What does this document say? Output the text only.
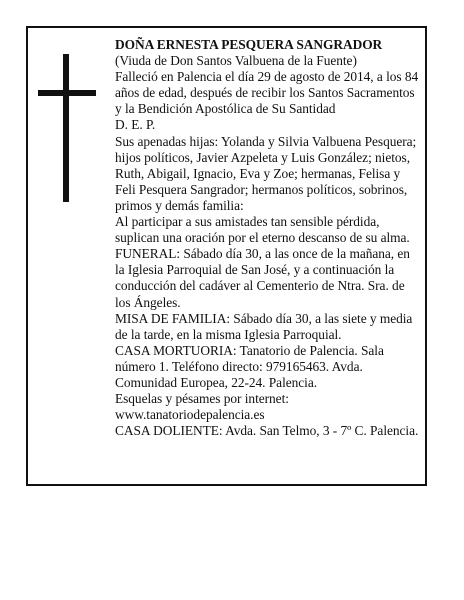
DOÑA ERNESTA PESQUERA SANGRADOR

(Viuda de Don Santos Valbuena de la Fuente)

Falleció en Palencia el día 29 de agosto de 2014, a los 84 años de edad, después de recibir los Santos Sacramentos y la Bendición Apostólica de Su Santidad

D. E. P.

Sus apenadas hijas: Yolanda y Silvia Valbuena Pesquera; hijos políticos, Javier Azpeleta y Luis González; nietos, Ruth, Abigail, Ignacio, Eva y Zoe; hermanas, Felisa y Feli Pesquera Sangrador; hermanos políticos, sobrinos, primos y demás familia:

Al participar a sus amistades tan sensible pérdida, suplican una oración por el eterno descanso de su alma.

FUNERAL: Sábado día 30, a las once de la mañana, en la Iglesia Parroquial de San José, y a continuación la conducción del cadáver al Cementerio de Ntra. Sra. de los Ángeles.

MISA DE FAMILIA: Sábado día 30, a las siete y media de la tarde, en la misma Iglesia Parroquial.

CASA MORTUORIA: Tanatorio de Palencia. Sala número 1. Teléfono directo: 979165463. Avda. Comunidad Europea, 22-24. Palencia.

Esquelas y pésames por internet:

www.tanatoriodepalencia.es

CASA DOLIENTE: Avda. San Telmo, 3 - 7º C. Palencia.
